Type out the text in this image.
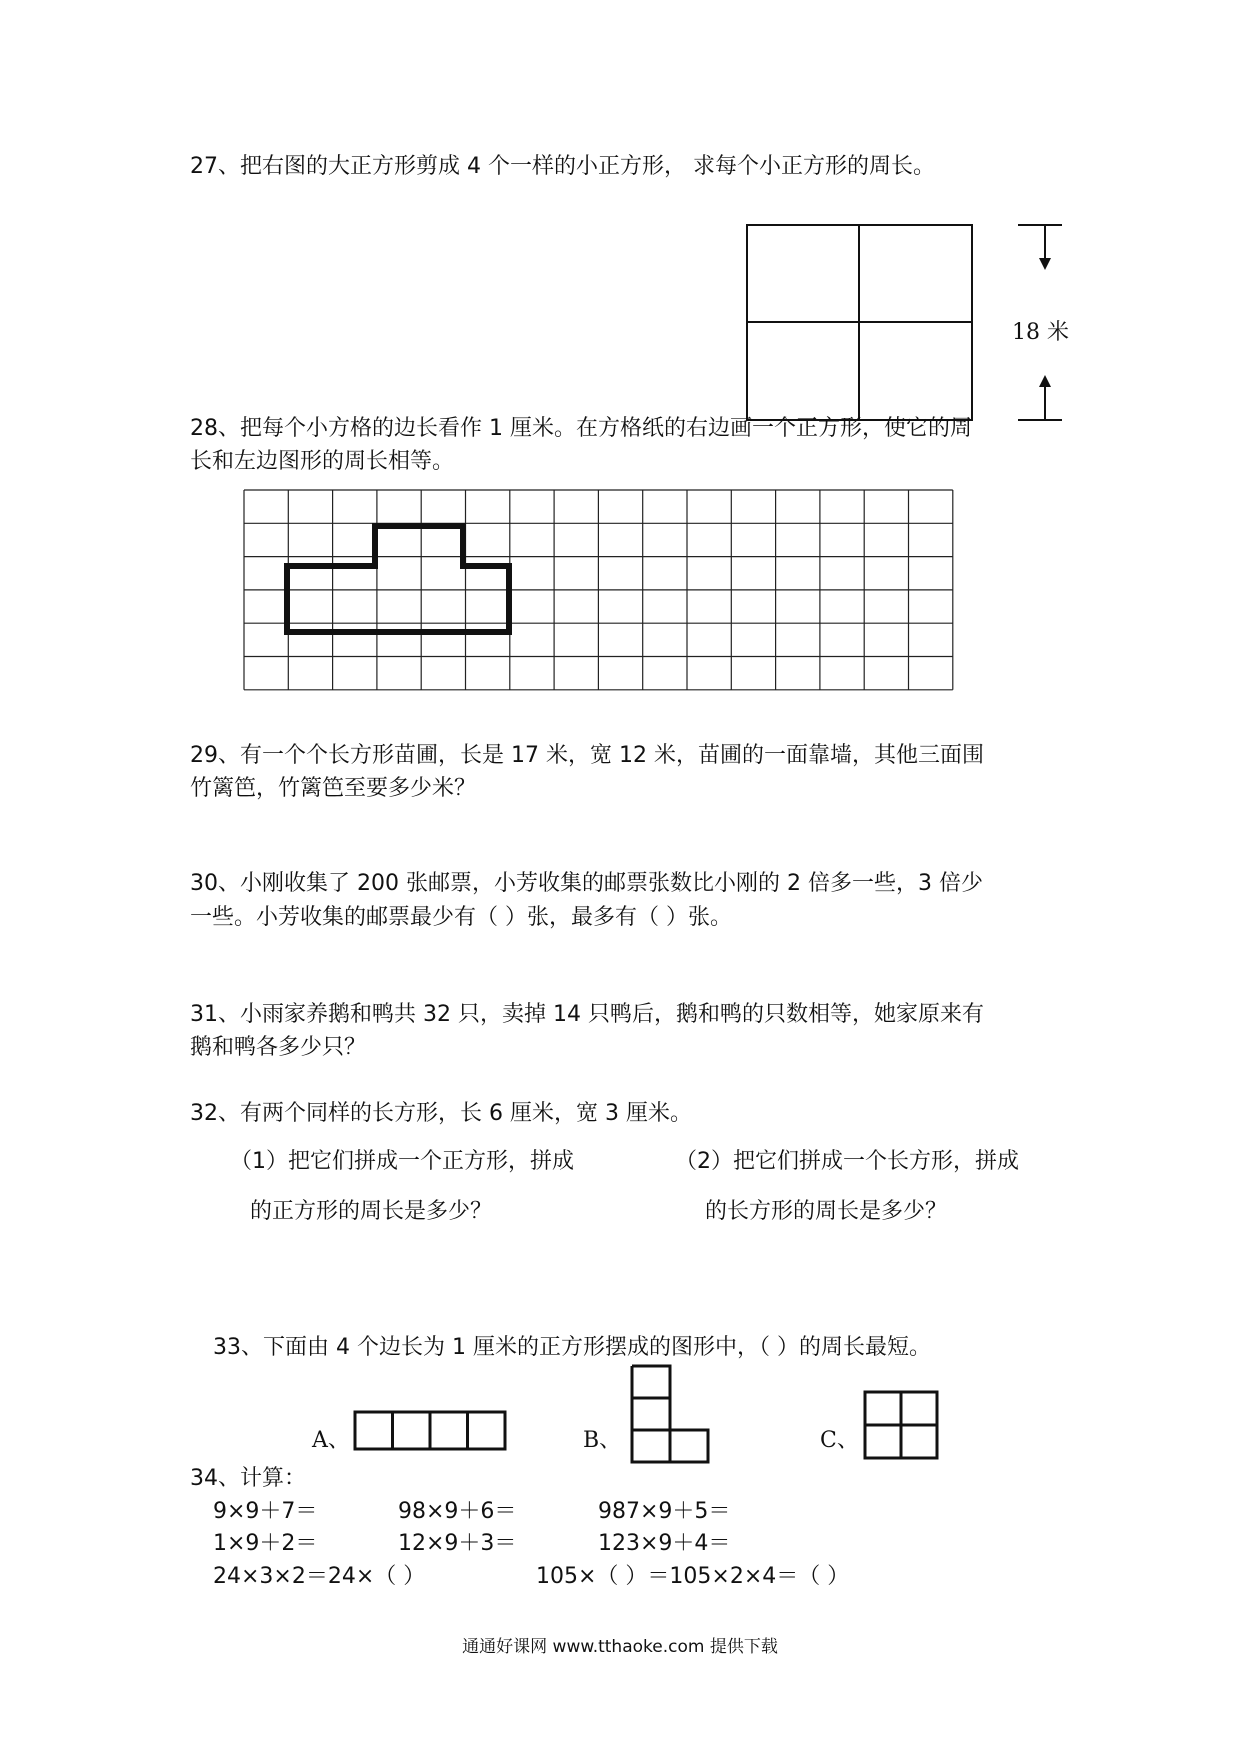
27、把右图的大正方形剪成 4 个一样的小正方形， 求每个小正方形的周长。
18 米
28、把每个小方格的边长看作 1 厘米。在方格纸的右边画一个正方形，使它的周
长和左边图形的周长相等。
29、有一个个长方形苗圃，长是 17 米，宽 12 米，苗圃的一面靠墙，其他三面围
竹篱笆，竹篱笆至要多少米？
30、小刚收集了 200 张邮票，小芳收集的邮票张数比小刚的 2 倍多一些，3 倍少
一些。小芳收集的邮票最少有（ ）张，最多有（ ）张。
31、小雨家养鹅和鸭共 32 只，卖掉 14 只鸭后，鹅和鸭的只数相等，她家原来有
鹅和鸭各多少只？
32、有两个同样的长方形，长 6 厘米，宽 3 厘米。
（1）把它们拼成一个正方形，拼成
的正方形的周长是多少？
（2）把它们拼成一个长方形，拼成
的长方形的周长是多少？
33、下面由 4 个边长为 1 厘米的正方形摆成的图形中，（ ）的周长最短。
A、	B、	C、
34、计算：
9×9＋7＝	98×9＋6＝	987×9＋5＝
1×9＋2＝	12×9＋3＝	123×9＋4＝
24×3×2＝24×（ ）	105×（ ）＝105×2×4＝（ ）
通通好课网 www.tthaoke.com 提供下载
